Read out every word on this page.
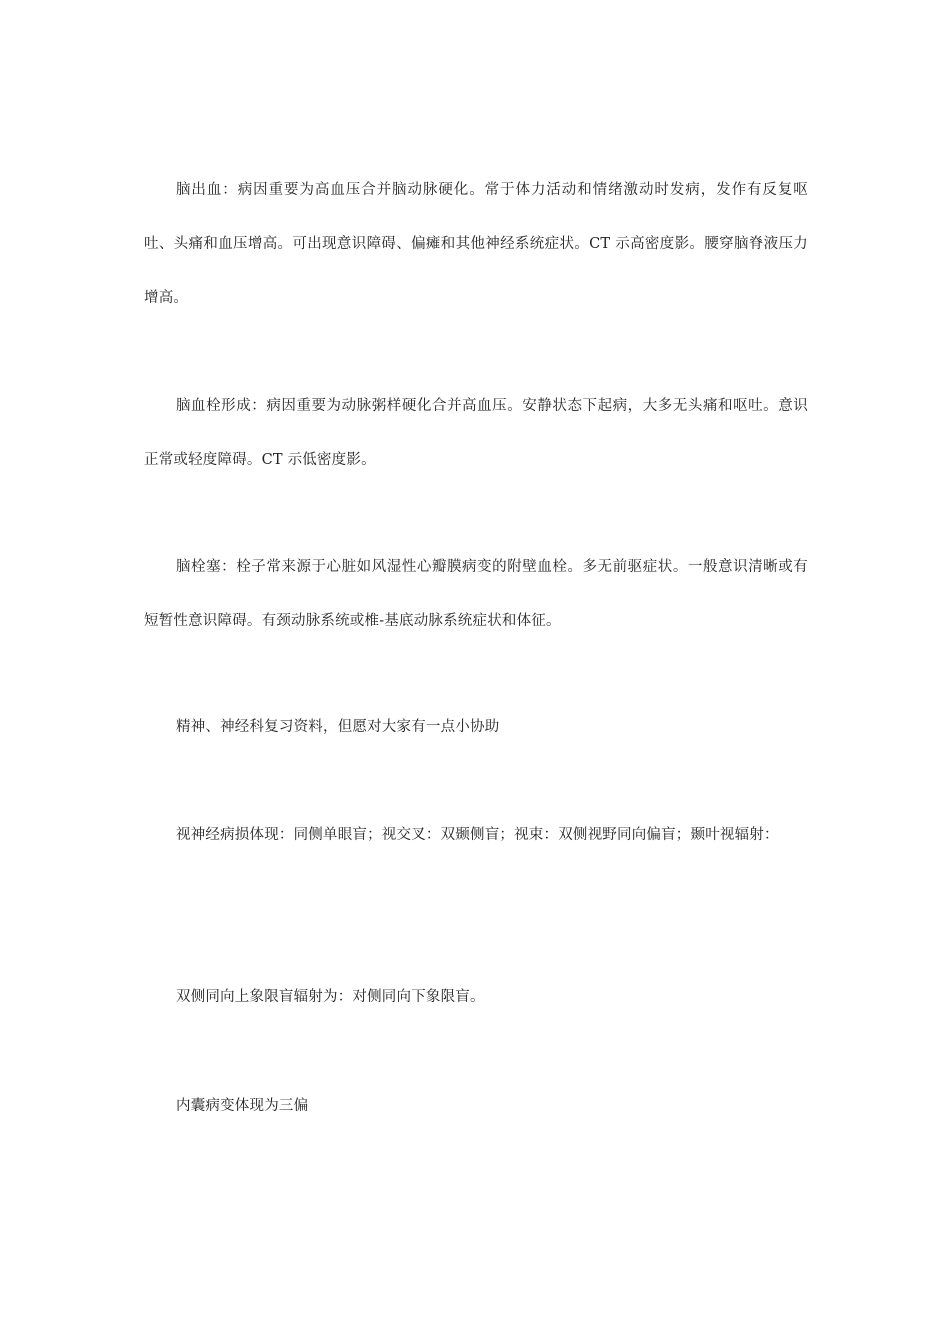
脑出血：病因重要为高血压合并脑动脉硬化。常于体力活动和情绪激动时发病，发作有反复呕吐、头痛和血压增高。可出现意识障碍、偏瘫和其他神经系统症状。CT 示高密度影。腰穿脑脊液压力增高。

脑血栓形成：病因重要为动脉粥样硬化合并高血压。安静状态下起病，大多无头痛和呕吐。意识正常或轻度障碍。CT 示低密度影。

脑栓塞：栓子常来源于心脏如风湿性心瓣膜病变的附壁血栓。多无前驱症状。一般意识清晰或有短暂性意识障碍。有颈动脉系统或椎-基底动脉系统症状和体征。

精神、神经科复习资料，但愿对大家有一点小协助

视神经病损体现：同侧单眼盲；视交叉：双颞侧盲；视束：双侧视野同向偏盲；颞叶视辐射：

双侧同向上象限盲辐射为：对侧同向下象限盲。

内囊病变体现为三偏
